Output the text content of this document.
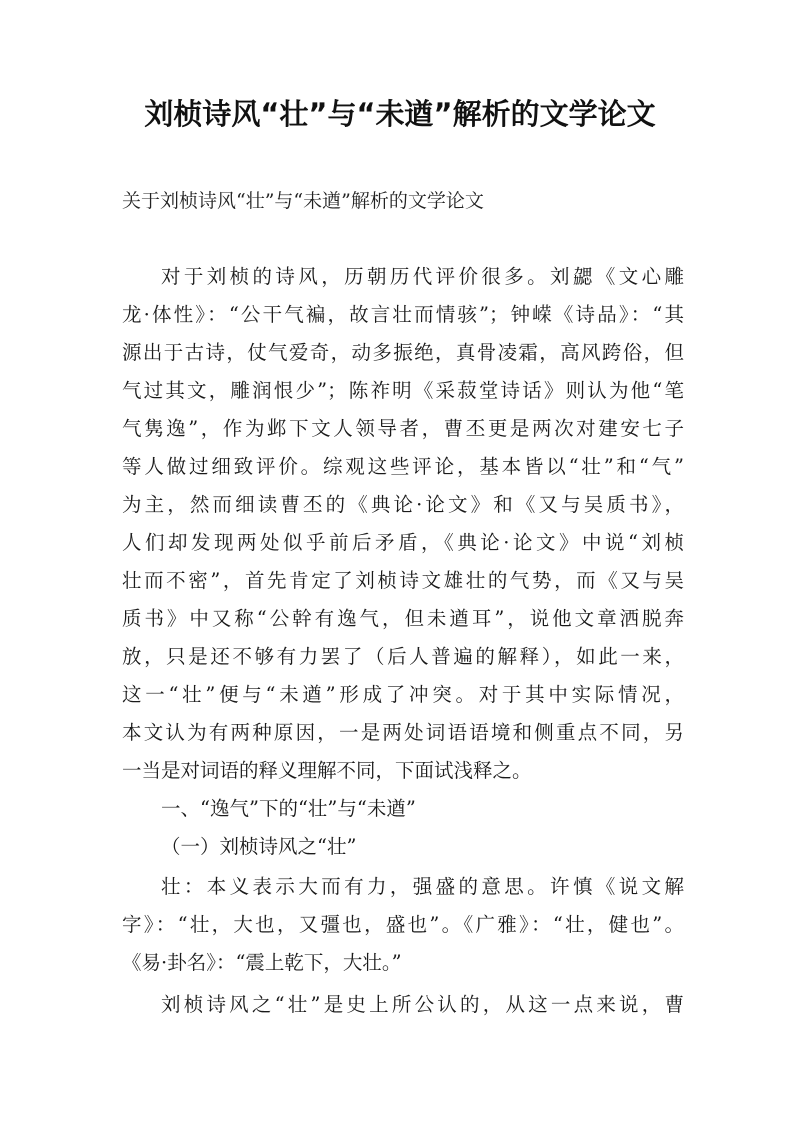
刘桢诗风“壮”与“未遒”解析的文学论文
关于刘桢诗风“壮”与“未遒”解析的文学论文
对于刘桢的诗风，历朝历代评价很多。刘勰《文心雕
龙·体性》：“公干气褊，故言壮而情骇”；钟嵘《诗品》：“其
源出于古诗，仗气爱奇，动多振绝，真骨凌霜，高风跨俗，但
气过其文，雕润恨少”；陈祚明《采菽堂诗话》则认为他“笔
气隽逸”，作为邺下文人领导者，曹丕更是两次对建安七子
等人做过细致评价。综观这些评论，基本皆以“壮”和“气”
为主，然而细读曹丕的《典论·论文》和《又与吴质书》，
人们却发现两处似乎前后矛盾，《典论·论文》中说“刘桢
壮而不密”，首先肯定了刘桢诗文雄壮的气势，而《又与吴
质书》中又称“公幹有逸气，但未遒耳”，说他文章洒脱奔
放，只是还不够有力罢了（后人普遍的解释），如此一来，
这一“壮”便与“未遒”形成了冲突。对于其中实际情况，
本文认为有两种原因，一是两处词语语境和侧重点不同，另
一当是对词语的释义理解不同，下面试浅释之。
一、“逸气”下的“壮”与“未遒”
（一）刘桢诗风之“壮”
壮：本义表示大而有力，强盛的意思。许慎《说文解
字》：“壮，大也，又彊也，盛也”。《广雅》：“壮，健也”。
《易·卦名》：“震上乾下，大壮。”
刘桢诗风之“壮”是史上所公认的，从这一点来说，曹
